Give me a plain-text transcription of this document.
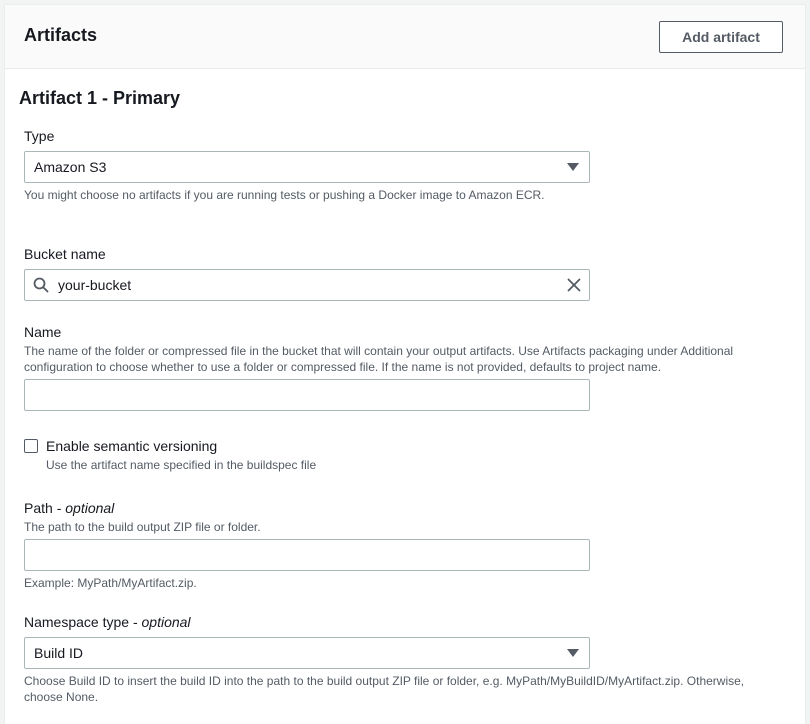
Artifacts	Add artifact
Artifact 1 - Primary
Type
Amazon S3
You might choose no artifacts if you are running tests or pushing a Docker image to Amazon ECR.
Bucket name
your-bucket
Name
The name of the folder or compressed file in the bucket that will contain your output artifacts. Use Artifacts packaging under Additional
configuration to choose whether to use a folder or compressed file. If the name is not provided, defaults to project name.
Enable semantic versioning
Use the artifact name specified in the buildspec file
Path - optional
The path to the build output ZIP file or folder.
Example: MyPath/MyArtifact.zip.
Namespace type - optional
Build ID
Choose Build ID to insert the build ID into the path to the build output ZIP file or folder, e.g. MyPath/MyBuildID/MyArtifact.zip. Otherwise,
choose None.
